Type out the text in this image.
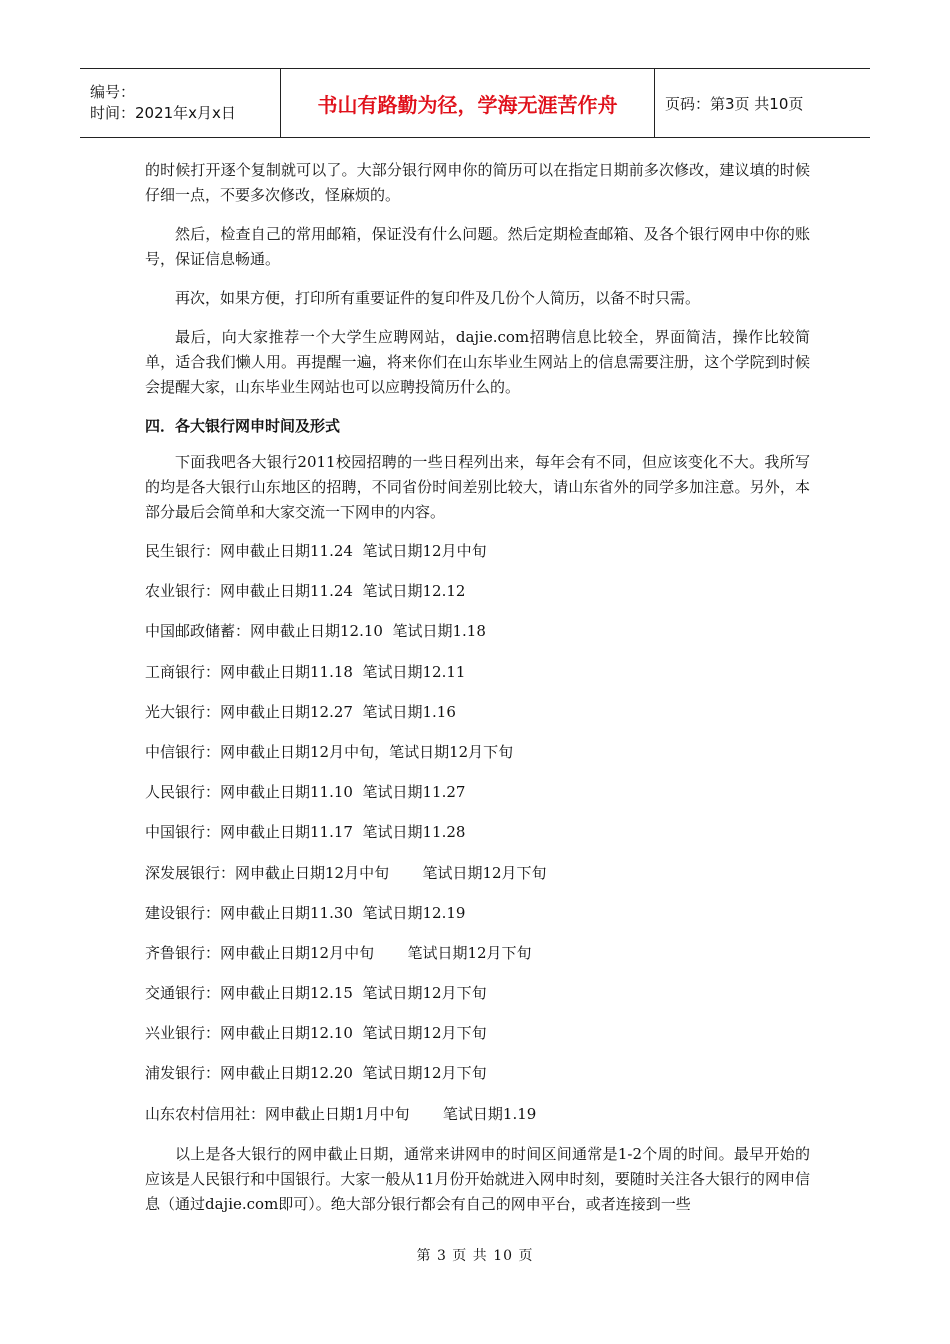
编号：
时间：2021年x月x日	书山有路勤为径，学海无涯苦作舟	页码：第3页 共10页

的时候打开逐个复制就可以了。大部分银行网申你的简历可以在指定日期前多次修改，建议填的时候仔细一点，不要多次修改，怪麻烦的。

然后，检查自己的常用邮箱，保证没有什么问题。然后定期检查邮箱、及各个银行网申中你的账号，保证信息畅通。

再次，如果方便，打印所有重要证件的复印件及几份个人简历，以备不时只需。

最后，向大家推荐一个大学生应聘网站，dajie.com招聘信息比较全，界面简洁，操作比较简单，适合我们懒人用。再提醒一遍，将来你们在山东毕业生网站上的信息需要注册，这个学院到时候会提醒大家，山东毕业生网站也可以应聘投简历什么的。

四．各大银行网申时间及形式

下面我吧各大银行2011校园招聘的一些日程列出来，每年会有不同，但应该变化不大。我所写的均是各大银行山东地区的招聘，不同省份时间差别比较大，请山东省外的同学多加注意。另外，本部分最后会简单和大家交流一下网申的内容。

民生银行：网申截止日期11.24  笔试日期12月中旬

农业银行：网申截止日期11.24  笔试日期12.12

中国邮政储蓄：网申截止日期12.10  笔试日期1.18

工商银行：网申截止日期11.18  笔试日期12.11

光大银行：网申截止日期12.27  笔试日期1.16

中信银行：网申截止日期12月中旬，笔试日期12月下旬

人民银行：网申截止日期11.10  笔试日期11.27

中国银行：网申截止日期11.17  笔试日期11.28

深发展银行：网申截止日期12月中旬       笔试日期12月下旬

建设银行：网申截止日期11.30  笔试日期12.19

齐鲁银行：网申截止日期12月中旬       笔试日期12月下旬

交通银行：网申截止日期12.15  笔试日期12月下旬

兴业银行：网申截止日期12.10  笔试日期12月下旬

浦发银行：网申截止日期12.20  笔试日期12月下旬

山东农村信用社：网申截止日期1月中旬       笔试日期1.19

以上是各大银行的网申截止日期，通常来讲网申的时间区间通常是1-2个周的时间。最早开始的应该是人民银行和中国银行。大家一般从11月份开始就进入网申时刻，要随时关注各大银行的网申信息（通过dajie.com即可）。绝大部分银行都会有自己的网申平台，或者连接到一些

第 3 页 共 10 页
